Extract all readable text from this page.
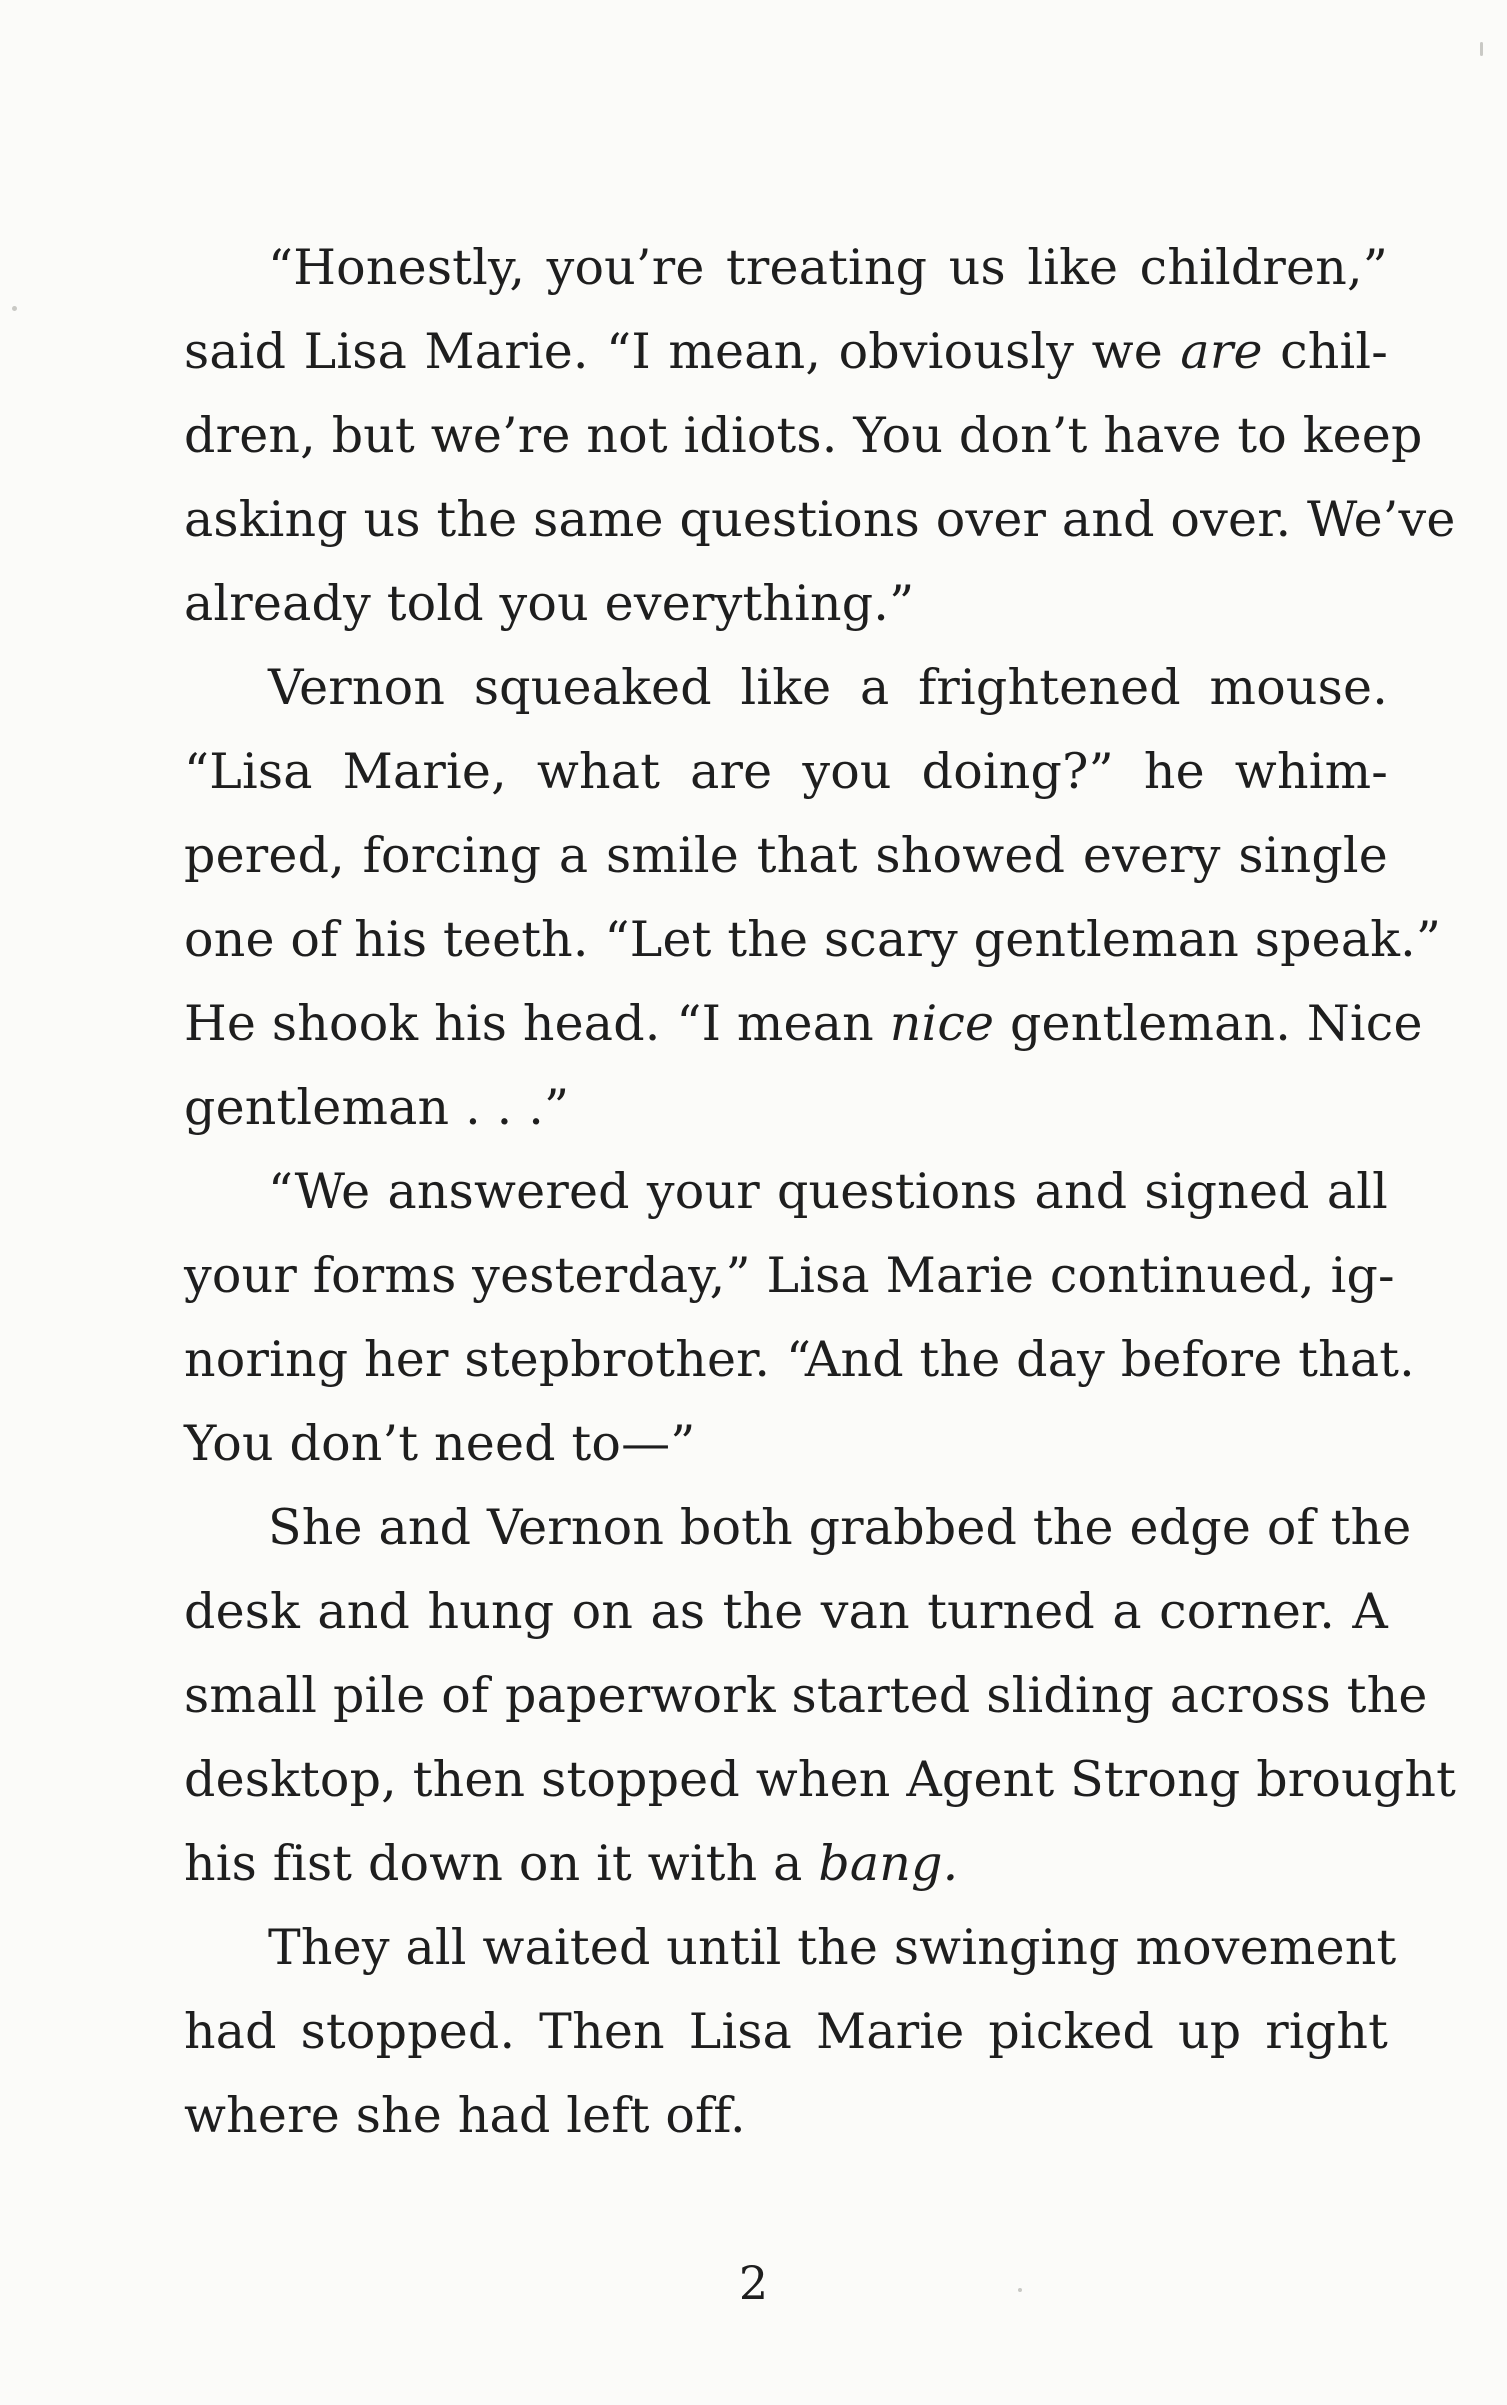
“Honestly, you’re treating us like children,”
said Lisa Marie. “I mean, obviously we are chil-
dren, but we’re not idiots. You don’t have to keep
asking us the same questions over and over. We’ve
already told you everything.”
Vernon squeaked like a frightened mouse.
“Lisa Marie, what are you doing?” he whim-
pered, forcing a smile that showed every single
one of his teeth. “Let the scary gentleman speak.”
He shook his head. “I mean nice gentleman. Nice
gentleman . . .”
“We answered your questions and signed all
your forms yesterday,” Lisa Marie continued, ig-
noring her stepbrother. “And the day before that.
You don’t need to—”
She and Vernon both grabbed the edge of the
desk and hung on as the van turned a corner. A
small pile of paperwork started sliding across the
desktop, then stopped when Agent Strong brought
his fist down on it with a bang.
They all waited until the swinging movement
had stopped. Then Lisa Marie picked up right
where she had left off.
2
